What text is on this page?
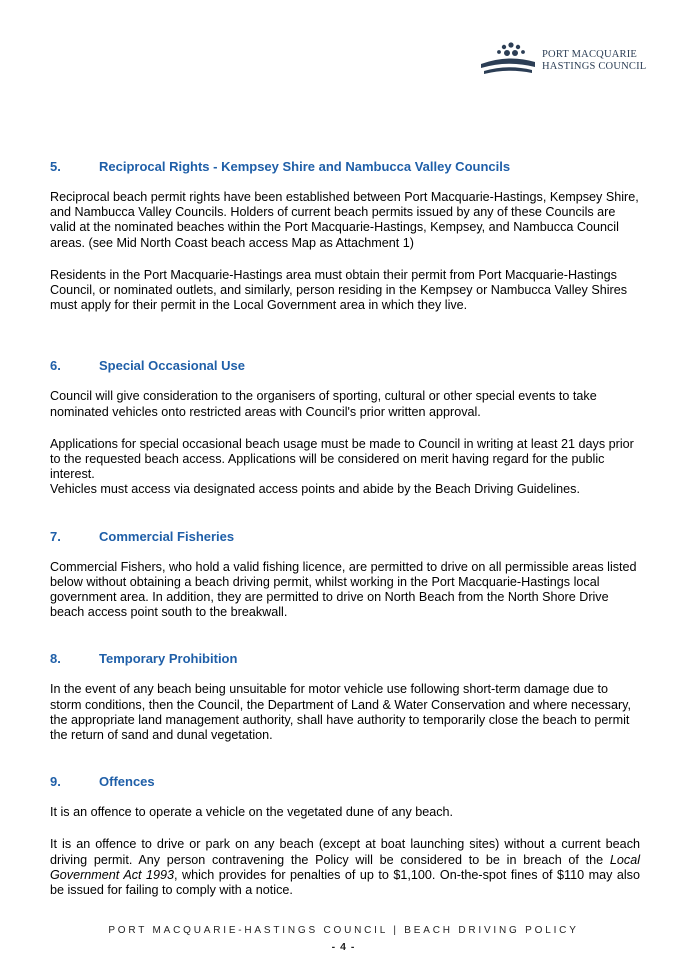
PORT MACQUARIE
HASTINGS COUNCIL
5.	Reciprocal Rights - Kempsey Shire and Nambucca Valley Councils

Reciprocal beach permit rights have been established between Port Macquarie-Hastings, Kempsey Shire, and Nambucca Valley Councils. Holders of current beach permits issued by any of these Councils are valid at the nominated beaches within the Port Macquarie-Hastings, Kempsey, and Nambucca Council areas. (see Mid North Coast beach access Map as Attachment 1)

Residents in the Port Macquarie-Hastings area must obtain their permit from Port Macquarie-Hastings Council, or nominated outlets, and similarly, person residing in the Kempsey or Nambucca Valley Shires must apply for their permit in the Local Government area in which they live.

6.	Special Occasional Use

Council will give consideration to the organisers of sporting, cultural or other special events to take nominated vehicles onto restricted areas with Council's prior written approval.

Applications for special occasional beach usage must be made to Council in writing at least 21 days prior to the requested beach access. Applications will be considered on merit having regard for the public interest.

Vehicles must access via designated access points and abide by the Beach Driving Guidelines.

7.	Commercial Fisheries

Commercial Fishers, who hold a valid fishing licence, are permitted to drive on all permissible areas listed below without obtaining a beach driving permit, whilst working in the Port Macquarie-Hastings local government area. In addition, they are permitted to drive on North Beach from the North Shore Drive beach access point south to the breakwall.

8.	Temporary Prohibition

In the event of any beach being unsuitable for motor vehicle use following short-term damage due to storm conditions, then the Council, the Department of Land & Water Conservation and where necessary, the appropriate land management authority, shall have authority to temporarily close the beach to permit the return of sand and dunal vegetation.

9.	Offences

It is an offence to operate a vehicle on the vegetated dune of any beach.

It is an offence to drive or park on any beach (except at boat launching sites) without a current beach driving permit. Any person contravening the Policy will be considered to be in breach of the Local Government Act 1993, which provides for penalties of up to $1,100. On-the-spot fines of $110 may also be issued for failing to comply with a notice.

PORT MACQUARIE-HASTINGS COUNCIL | BEACH DRIVING POLICY
- 4 -
